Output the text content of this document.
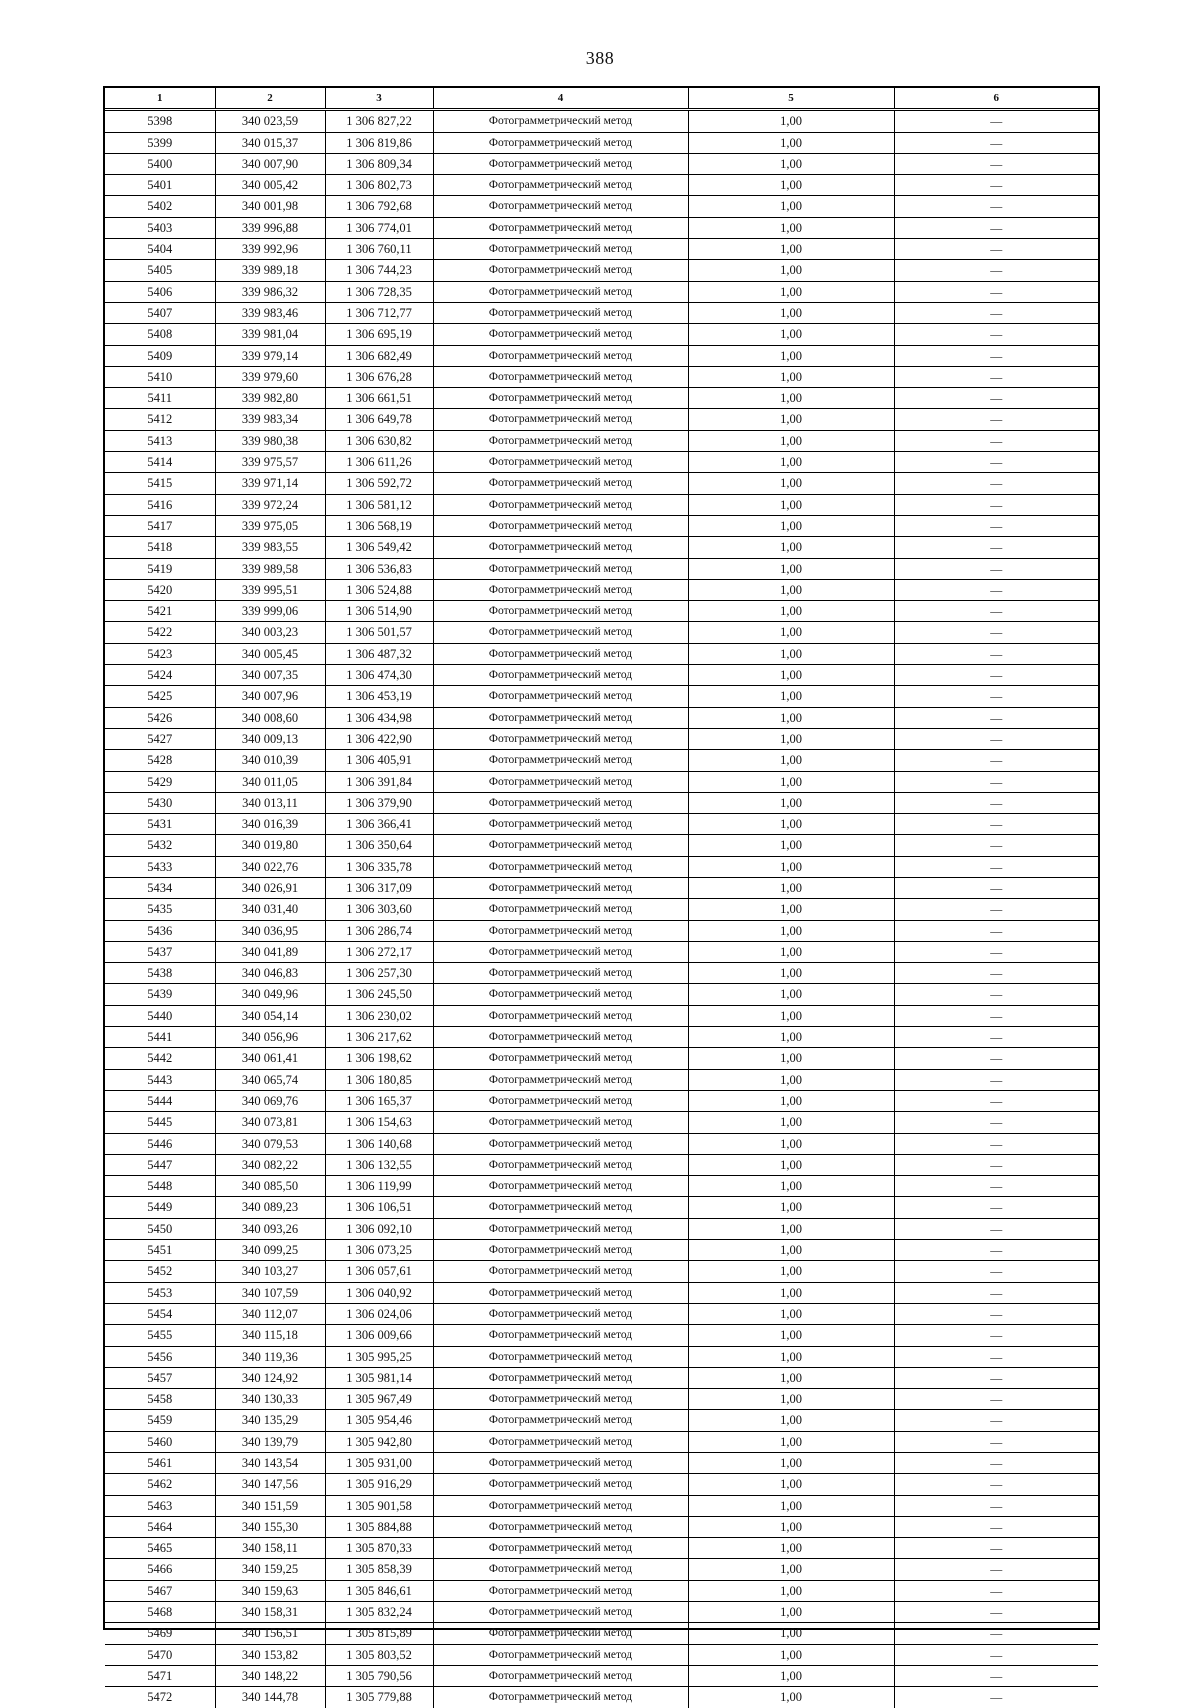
388
1	2	3	4	5	6
5398	340 023,59	1 306 827,22	Фотограмметрический метод	1,00	—
5399	340 015,37	1 306 819,86	Фотограмметрический метод	1,00	—
5400	340 007,90	1 306 809,34	Фотограмметрический метод	1,00	—
5401	340 005,42	1 306 802,73	Фотограмметрический метод	1,00	—
5402	340 001,98	1 306 792,68	Фотограмметрический метод	1,00	—
5403	339 996,88	1 306 774,01	Фотограмметрический метод	1,00	—
5404	339 992,96	1 306 760,11	Фотограмметрический метод	1,00	—
5405	339 989,18	1 306 744,23	Фотограмметрический метод	1,00	—
5406	339 986,32	1 306 728,35	Фотограмметрический метод	1,00	—
5407	339 983,46	1 306 712,77	Фотограмметрический метод	1,00	—
5408	339 981,04	1 306 695,19	Фотограмметрический метод	1,00	—
5409	339 979,14	1 306 682,49	Фотограмметрический метод	1,00	—
5410	339 979,60	1 306 676,28	Фотограмметрический метод	1,00	—
5411	339 982,80	1 306 661,51	Фотограмметрический метод	1,00	—
5412	339 983,34	1 306 649,78	Фотограмметрический метод	1,00	—
5413	339 980,38	1 306 630,82	Фотограмметрический метод	1,00	—
5414	339 975,57	1 306 611,26	Фотограмметрический метод	1,00	—
5415	339 971,14	1 306 592,72	Фотограмметрический метод	1,00	—
5416	339 972,24	1 306 581,12	Фотограмметрический метод	1,00	—
5417	339 975,05	1 306 568,19	Фотограмметрический метод	1,00	—
5418	339 983,55	1 306 549,42	Фотограмметрический метод	1,00	—
5419	339 989,58	1 306 536,83	Фотограмметрический метод	1,00	—
5420	339 995,51	1 306 524,88	Фотограмметрический метод	1,00	—
5421	339 999,06	1 306 514,90	Фотограмметрический метод	1,00	—
5422	340 003,23	1 306 501,57	Фотограмметрический метод	1,00	—
5423	340 005,45	1 306 487,32	Фотограмметрический метод	1,00	—
5424	340 007,35	1 306 474,30	Фотограмметрический метод	1,00	—
5425	340 007,96	1 306 453,19	Фотограмметрический метод	1,00	—
5426	340 008,60	1 306 434,98	Фотограмметрический метод	1,00	—
5427	340 009,13	1 306 422,90	Фотограмметрический метод	1,00	—
5428	340 010,39	1 306 405,91	Фотограмметрический метод	1,00	—
5429	340 011,05	1 306 391,84	Фотограмметрический метод	1,00	—
5430	340 013,11	1 306 379,90	Фотограмметрический метод	1,00	—
5431	340 016,39	1 306 366,41	Фотограмметрический метод	1,00	—
5432	340 019,80	1 306 350,64	Фотограмметрический метод	1,00	—
5433	340 022,76	1 306 335,78	Фотограмметрический метод	1,00	—
5434	340 026,91	1 306 317,09	Фотограмметрический метод	1,00	—
5435	340 031,40	1 306 303,60	Фотограмметрический метод	1,00	—
5436	340 036,95	1 306 286,74	Фотограмметрический метод	1,00	—
5437	340 041,89	1 306 272,17	Фотограмметрический метод	1,00	—
5438	340 046,83	1 306 257,30	Фотограмметрический метод	1,00	—
5439	340 049,96	1 306 245,50	Фотограмметрический метод	1,00	—
5440	340 054,14	1 306 230,02	Фотограмметрический метод	1,00	—
5441	340 056,96	1 306 217,62	Фотограмметрический метод	1,00	—
5442	340 061,41	1 306 198,62	Фотограмметрический метод	1,00	—
5443	340 065,74	1 306 180,85	Фотограмметрический метод	1,00	—
5444	340 069,76	1 306 165,37	Фотограмметрический метод	1,00	—
5445	340 073,81	1 306 154,63	Фотограмметрический метод	1,00	—
5446	340 079,53	1 306 140,68	Фотограмметрический метод	1,00	—
5447	340 082,22	1 306 132,55	Фотограмметрический метод	1,00	—
5448	340 085,50	1 306 119,99	Фотограмметрический метод	1,00	—
5449	340 089,23	1 306 106,51	Фотограмметрический метод	1,00	—
5450	340 093,26	1 306 092,10	Фотограмметрический метод	1,00	—
5451	340 099,25	1 306 073,25	Фотограмметрический метод	1,00	—
5452	340 103,27	1 306 057,61	Фотограмметрический метод	1,00	—
5453	340 107,59	1 306 040,92	Фотограмметрический метод	1,00	—
5454	340 112,07	1 306 024,06	Фотограмметрический метод	1,00	—
5455	340 115,18	1 306 009,66	Фотограмметрический метод	1,00	—
5456	340 119,36	1 305 995,25	Фотограмметрический метод	1,00	—
5457	340 124,92	1 305 981,14	Фотограмметрический метод	1,00	—
5458	340 130,33	1 305 967,49	Фотограмметрический метод	1,00	—
5459	340 135,29	1 305 954,46	Фотограмметрический метод	1,00	—
5460	340 139,79	1 305 942,80	Фотограмметрический метод	1,00	—
5461	340 143,54	1 305 931,00	Фотограмметрический метод	1,00	—
5462	340 147,56	1 305 916,29	Фотограмметрический метод	1,00	—
5463	340 151,59	1 305 901,58	Фотограмметрический метод	1,00	—
5464	340 155,30	1 305 884,88	Фотограмметрический метод	1,00	—
5465	340 158,11	1 305 870,33	Фотограмметрический метод	1,00	—
5466	340 159,25	1 305 858,39	Фотограмметрический метод	1,00	—
5467	340 159,63	1 305 846,61	Фотограмметрический метод	1,00	—
5468	340 158,31	1 305 832,24	Фотограмметрический метод	1,00	—
5469	340 156,51	1 305 815,89	Фотограмметрический метод	1,00	—
5470	340 153,82	1 305 803,52	Фотограмметрический метод	1,00	—
5471	340 148,22	1 305 790,56	Фотограмметрический метод	1,00	—
5472	340 144,78	1 305 779,88	Фотограмметрический метод	1,00	—
